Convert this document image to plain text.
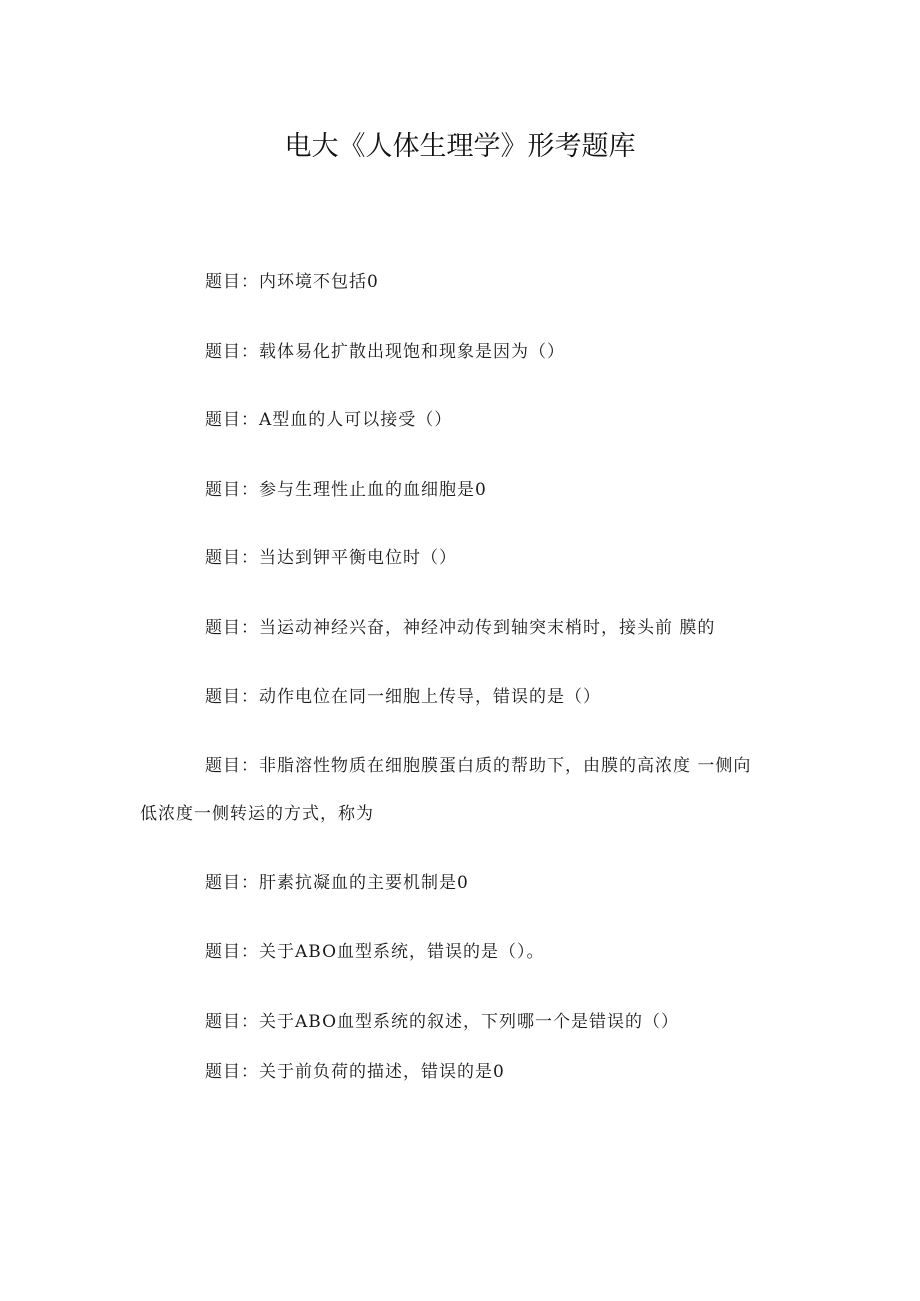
电大《人体生理学》形考题库
题目：内环境不包括0
题目：载体易化扩散出现饱和现象是因为（）
题目：A型血的人可以接受（）
题目：参与生理性止血的血细胞是0
题目：当达到钾平衡电位时（）
题目：当运动神经兴奋，神经冲动传到轴突末梢时，接头前 膜的
题目：动作电位在同一细胞上传导，错误的是（）
题目：非脂溶性物质在细胞膜蛋白质的帮助下，由膜的高浓度 一侧向
低浓度一侧转运的方式，称为
题目：肝素抗凝血的主要机制是0
题目：关于ABO血型系统，错误的是（）。
题目：关于ABO血型系统的叙述，下列哪一个是错误的（）
题目：关于前负荷的描述，错误的是0
